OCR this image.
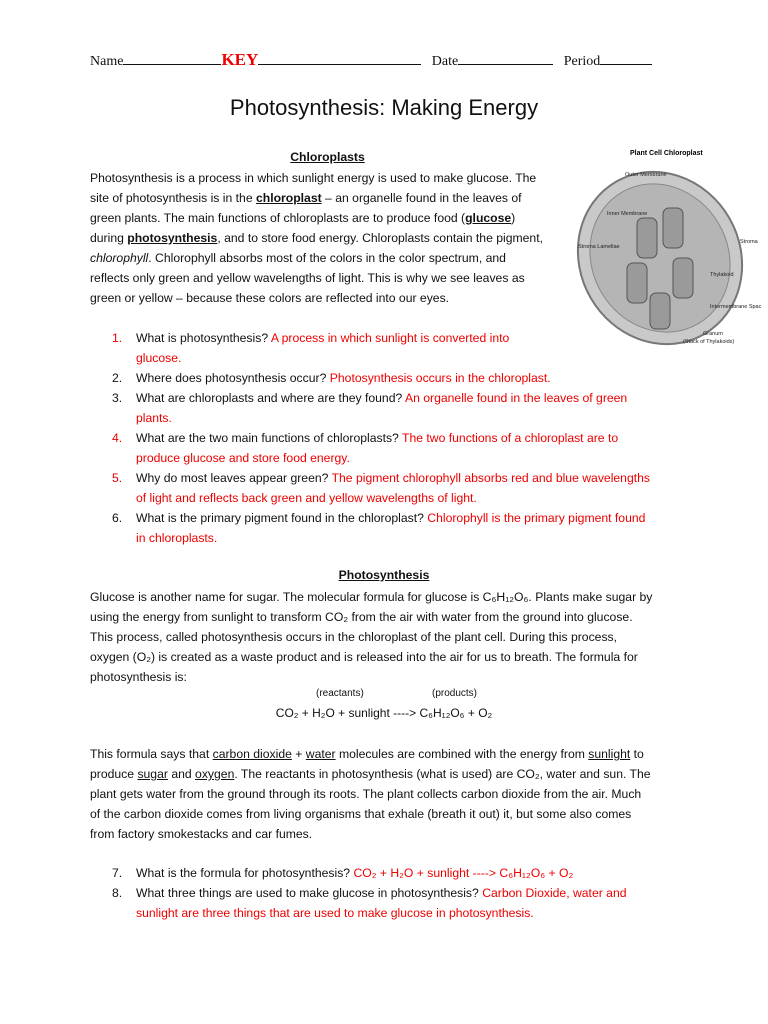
Name	KEY	Date	Period
Photosynthesis: Making Energy
Chloroplasts
Photosynthesis is a process in which sunlight energy is used to make glucose. The
site of photosynthesis is in the chloroplast – an organelle found in the leaves of
green plants. The main functions of chloroplasts are to produce food (glucose)
during photosynthesis, and to store food energy. Chloroplasts contain the pigment,
chlorophyll. Chlorophyll absorbs most of the colors in the color spectrum, and
reflects only green and yellow wavelengths of light. This is why we see leaves as
green or yellow – because these colors are reflected into our eyes.
Plant Cell Chloroplast
Outer Membrane
Inner Membrane
Stroma Lamellae
Stroma
Thylakoid
Intermembrane Space
Granum
(Stack of Thylakoids)
1.	What is photosynthesis? A process in which sunlight is converted into
glucose.
2.	Where does photosynthesis occur? Photosynthesis occurs in the chloroplast.
3.	What are chloroplasts and where are they found? An organelle found in the leaves of green
plants.
4.	What are the two main functions of chloroplasts? The two functions of a chloroplast are to
produce glucose and store food energy.
5.	Why do most leaves appear green? The pigment chlorophyll absorbs red and blue wavelengths
of light and reflects back green and yellow wavelengths of light.
6.	What is the primary pigment found in the chloroplast? Chlorophyll is the primary pigment found
in chloroplasts.
Photosynthesis
Glucose is another name for sugar. The molecular formula for glucose is C₆H₁₂O₆. Plants make sugar by
using the energy from sunlight to transform CO₂ from the air with water from the ground into glucose.
This process, called photosynthesis occurs in the chloroplast of the plant cell. During this process,
oxygen (O₂) is created as a waste product and is released into the air for us to breath. The formula for
photosynthesis is:
(reactants)	(products)
CO₂ + H₂O + sunlight ----> C₆H₁₂O₆ + O₂
This formula says that carbon dioxide + water molecules are combined with the energy from sunlight to
produce sugar and oxygen. The reactants in photosynthesis (what is used) are CO₂, water and sun. The
plant gets water from the ground through its roots. The plant collects carbon dioxide from the air. Much
of the carbon dioxide comes from living organisms that exhale (breath it out) it, but some also comes
from factory smokestacks and car fumes.
7.	What is the formula for photosynthesis? CO₂ + H₂O + sunlight ----> C₆H₁₂O₆ + O₂
8.	What three things are used to make glucose in photosynthesis? Carbon Dioxide, water and
sunlight are three things that are used to make glucose in photosynthesis.
